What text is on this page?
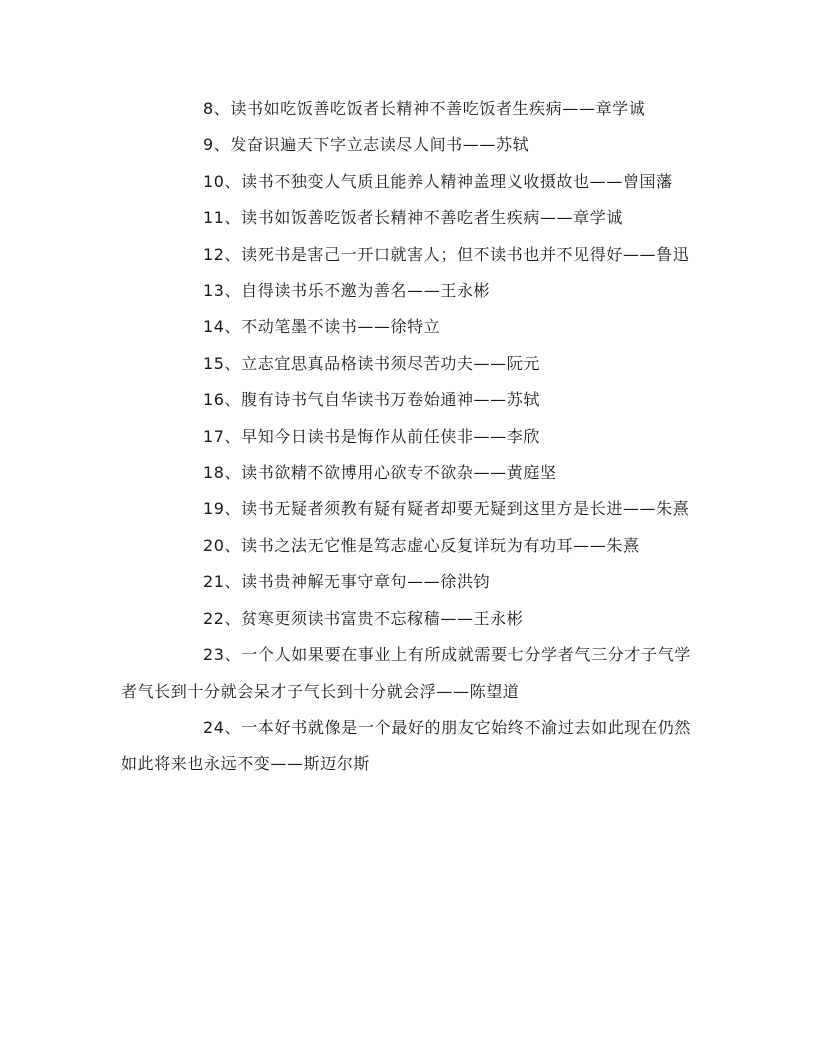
8、读书如吃饭善吃饭者长精神不善吃饭者生疾病——章学诚

9、发奋识遍天下字立志读尽人间书——苏轼

10、读书不独变人气质且能养人精神盖理义收摄故也——曾国藩

11、读书如饭善吃饭者长精神不善吃者生疾病——章学诚

12、读死书是害己一开口就害人；但不读书也并不见得好——鲁迅

13、自得读书乐不邀为善名——王永彬

14、不动笔墨不读书——徐特立

15、立志宜思真品格读书须尽苦功夫——阮元

16、腹有诗书气自华读书万卷始通神——苏轼

17、早知今日读书是悔作从前任侠非——李欣

18、读书欲精不欲博用心欲专不欲杂——黄庭坚

19、读书无疑者须教有疑有疑者却要无疑到这里方是长进——朱熹

20、读书之法无它惟是笃志虚心反复详玩为有功耳——朱熹

21、读书贵神解无事守章句——徐洪钧

22、贫寒更须读书富贵不忘稼穑——王永彬

23、一个人如果要在事业上有所成就需要七分学者气三分才子气学者气长到十分就会呆才子气长到十分就会浮——陈望道

24、一本好书就像是一个最好的朋友它始终不渝过去如此现在仍然如此将来也永远不变——斯迈尔斯
